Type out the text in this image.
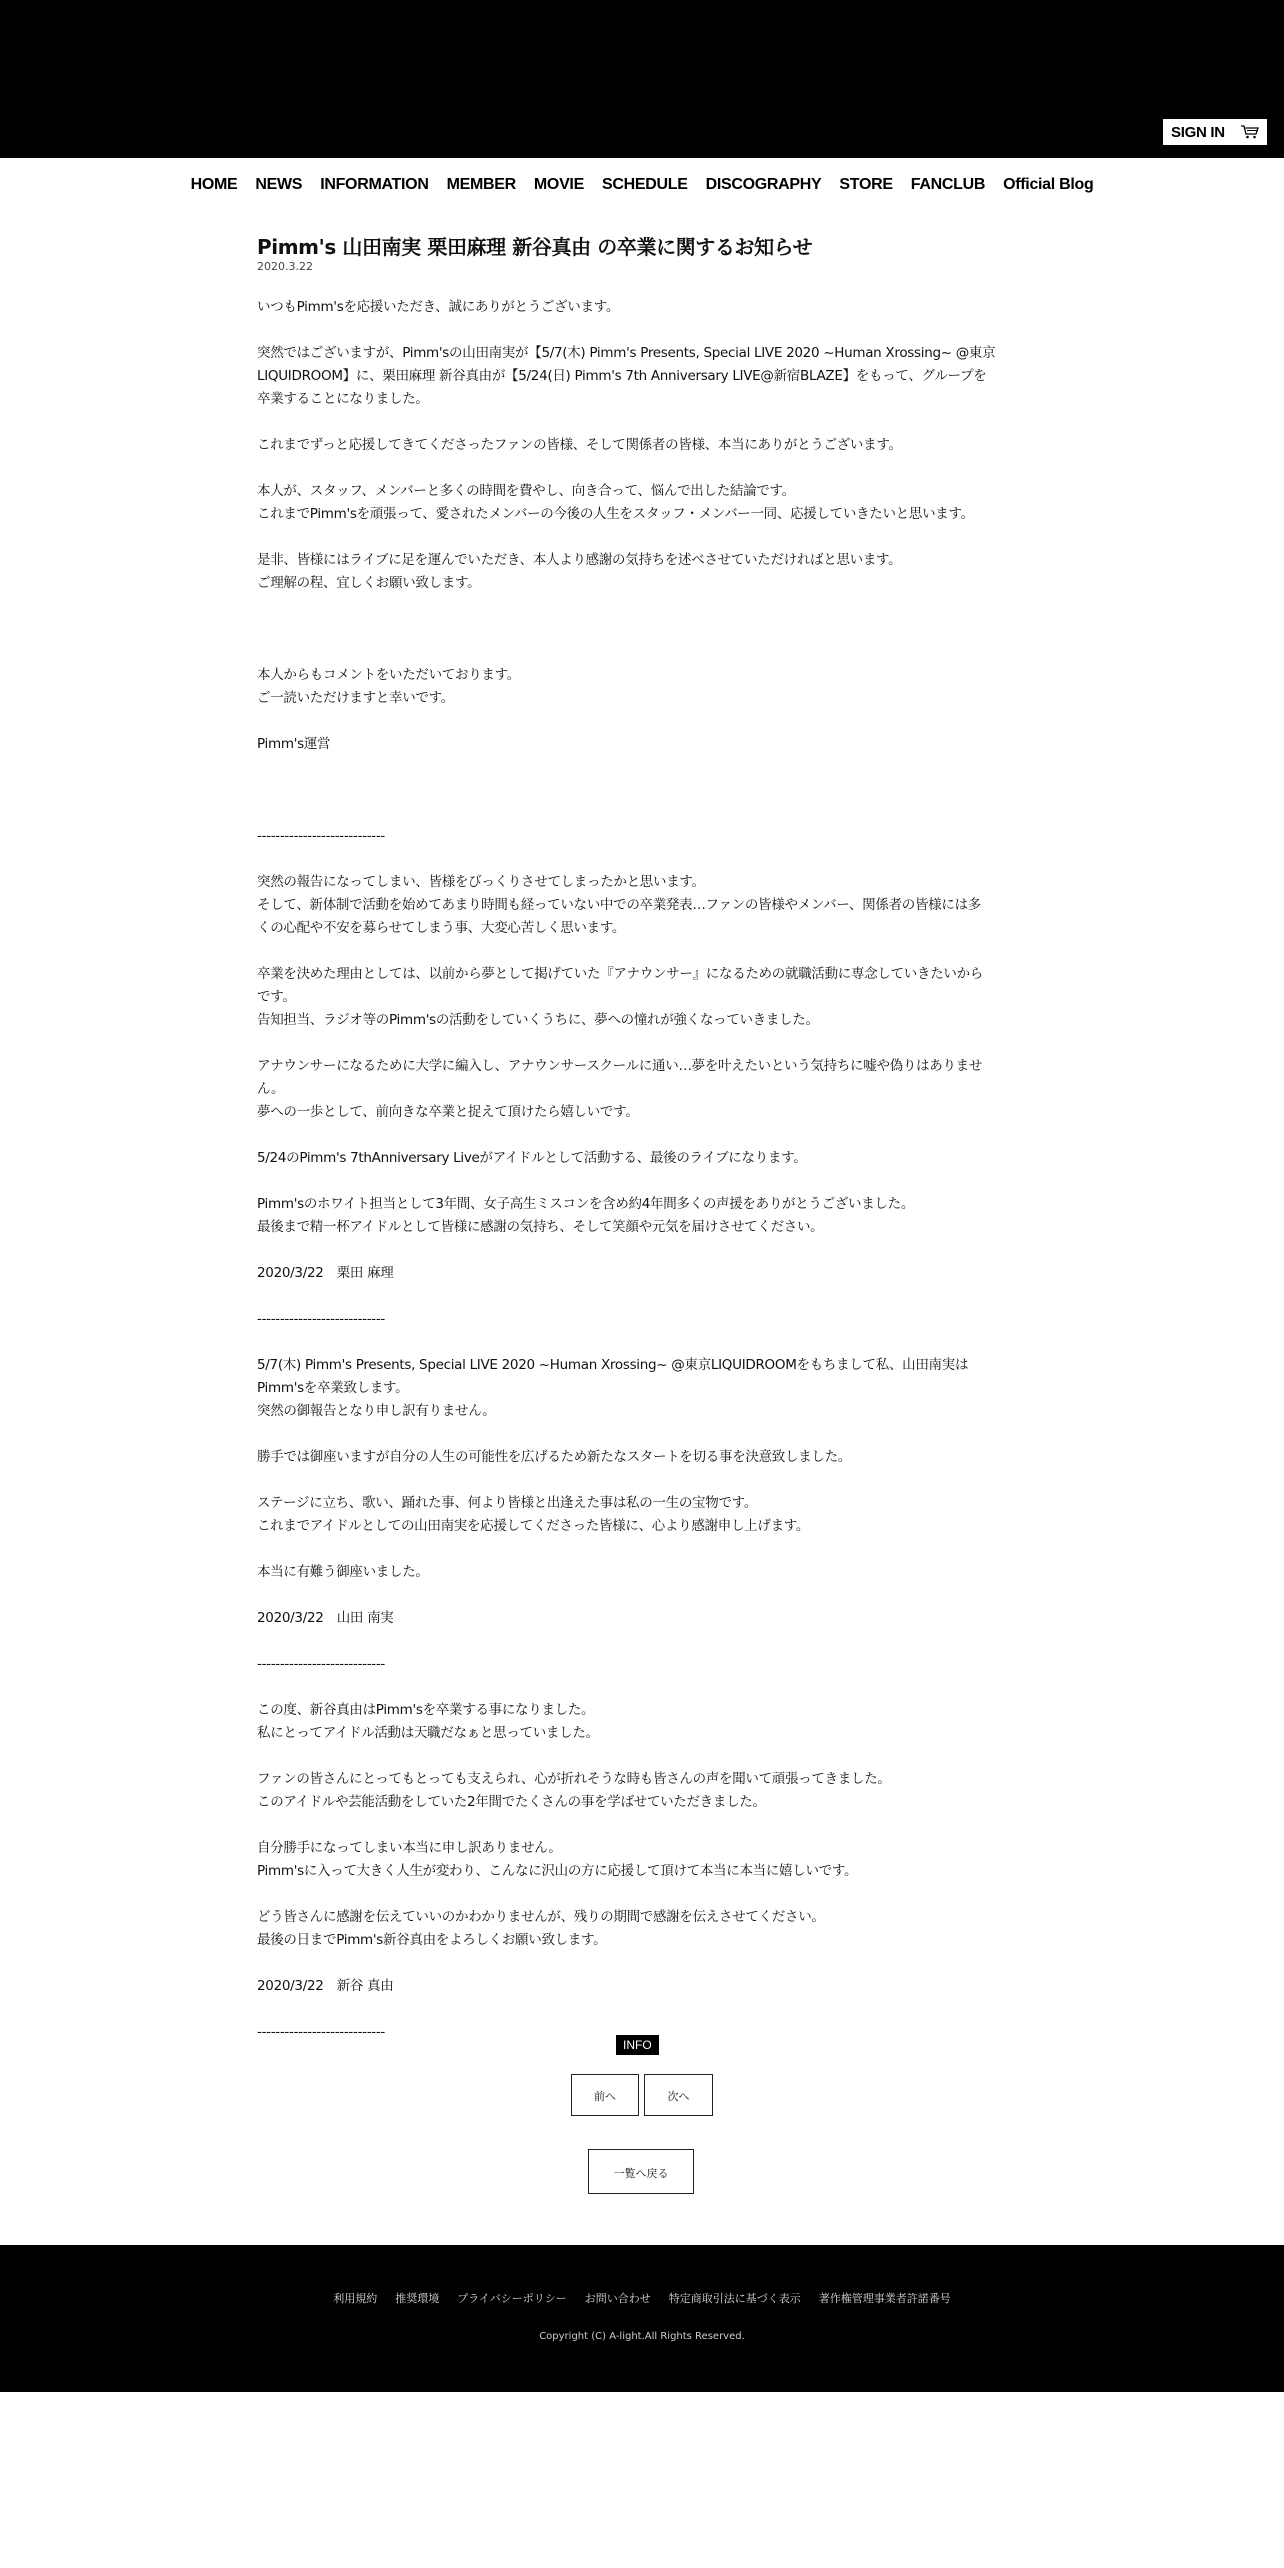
SIGN IN
HOME NEWS INFORMATION MEMBER MOVIE SCHEDULE DISCOGRAPHY STORE FANCLUB Official Blog
Pimm's 山田南実 栗田麻理 新谷真由 の卒業に関するお知らせ
2020.3.22
いつもPimm'sを応援いただき、誠にありがとうございます。

突然ではございますが、Pimm'sの山田南実が【5/7(木) Pimm's Presents, Special LIVE 2020 ~Human Xrossing~ @東京
LIQUIDROOM】に、栗田麻理 新谷真由が【5/24(日) Pimm's 7th Anniversary LIVE@新宿BLAZE】をもって、グループを
卒業することになりました。

これまでずっと応援してきてくださったファンの皆様、そして関係者の皆様、本当にありがとうございます。

本人が、スタッフ、メンバーと多くの時間を費やし、向き合って、悩んで出した結論です。
これまでPimm'sを頑張って、愛されたメンバーの今後の人生をスタッフ・メンバー一同、応援していきたいと思います。

是非、皆様にはライブに足を運んでいただき、本人より感謝の気持ちを述べさせていただければと思います。
ご理解の程、宜しくお願い致します。

本人からもコメントをいただいております。
ご一読いただけますと幸いです。

Pimm's運営

----------------------------

突然の報告になってしまい、皆様をびっくりさせてしまったかと思います。
そして、新体制で活動を始めてあまり時間も経っていない中での卒業発表…ファンの皆様やメンバー、関係者の皆様には多
くの心配や不安を募らせてしまう事、大変心苦しく思います。

卒業を決めた理由としては、以前から夢として掲げていた『アナウンサー』になるための就職活動に専念していきたいから
です。
告知担当、ラジオ等のPimm'sの活動をしていくうちに、夢への憧れが強くなっていきました。

アナウンサーになるために大学に編入し、アナウンサースクールに通い…夢を叶えたいという気持ちに嘘や偽りはありませ
ん。
夢への一歩として、前向きな卒業と捉えて頂けたら嬉しいです。

5/24のPimm's 7thAnniversary Liveがアイドルとして活動する、最後のライブになります。

Pimm'sのホワイト担当として3年間、女子高生ミスコンを含め約4年間多くの声援をありがとうございました。
最後まで精一杯アイドルとして皆様に感謝の気持ち、そして笑顔や元気を届けさせてください。

2020/3/22　栗田 麻理

----------------------------

5/7(木) Pimm's Presents, Special LIVE 2020 ~Human Xrossing~ @東京LIQUIDROOMをもちまして私、山田南実は
Pimm'sを卒業致します。
突然の御報告となり申し訳有りません。

勝手では御座いますが自分の人生の可能性を広げるため新たなスタートを切る事を決意致しました。

ステージに立ち、歌い、踊れた事、何より皆様と出逢えた事は私の一生の宝物です。
これまでアイドルとしての山田南実を応援してくださった皆様に、心より感謝申し上げます。

本当に有難う御座いました。

2020/3/22　山田 南実

----------------------------

この度、新谷真由はPimm'sを卒業する事になりました。
私にとってアイドル活動は天職だなぁと思っていました。

ファンの皆さんにとってもとっても支えられ、心が折れそうな時も皆さんの声を聞いて頑張ってきました。
このアイドルや芸能活動をしていた2年間でたくさんの事を学ばせていただきました。

自分勝手になってしまい本当に申し訳ありません。
Pimm'sに入って大きく人生が変わり、こんなに沢山の方に応援して頂けて本当に本当に嬉しいです。

どう皆さんに感謝を伝えていいのかわかりませんが、残りの期間で感謝を伝えさせてください。
最後の日までPimm's新谷真由をよろしくお願い致します。

2020/3/22　新谷 真由

----------------------------
INFO
前へ	次へ
一覧へ戻る
利用規約 推奨環境 プライバシーポリシー お問い合わせ 特定商取引法に基づく表示 著作権管理事業者許諾番号
Copyright (C) A-light.All Rights Reserved.
